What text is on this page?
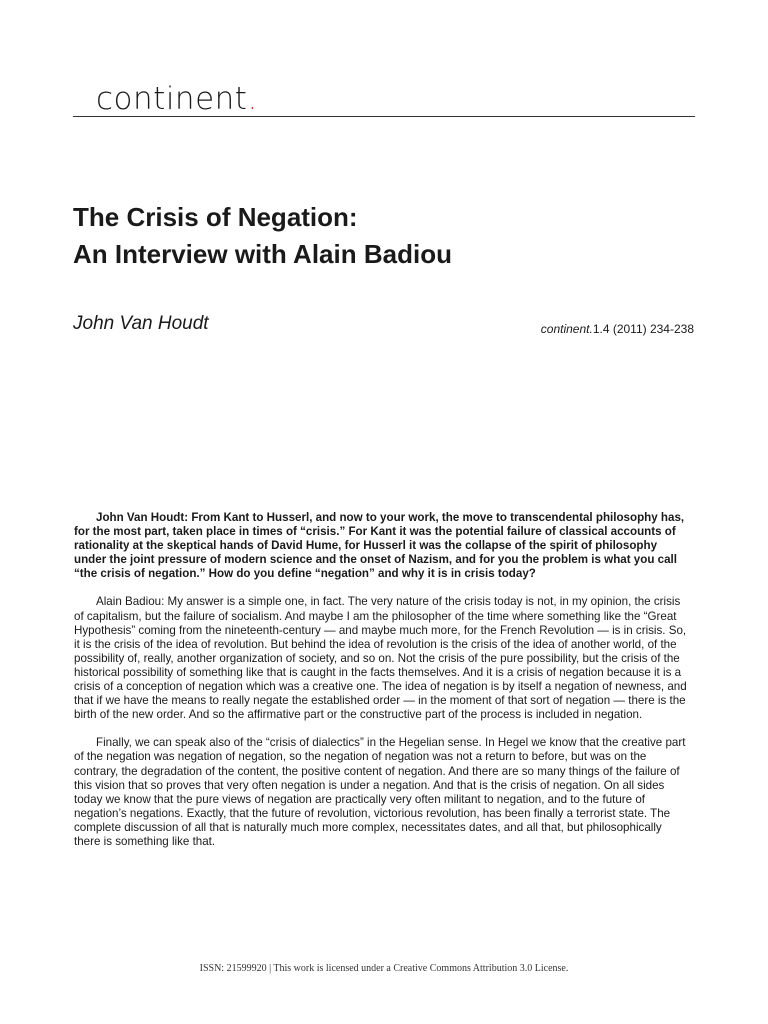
continent.
The Crisis of Negation:
An Interview with Alain Badiou
John Van Houdt	continent.1.4 (2011) 234-238

John Van Houdt: From Kant to Husserl, and now to your work, the move to transcendental philosophy has, for the most part, taken place in times of “crisis.” For Kant it was the potential failure of classical accounts of rationality at the skeptical hands of David Hume, for Husserl it was the collapse of the spirit of philosophy under the joint pressure of modern science and the onset of Nazism, and for you the problem is what you call “the crisis of negation.” How do you define “negation” and why it is in crisis today?

Alain Badiou: My answer is a simple one, in fact. The very nature of the crisis today is not, in my opinion, the crisis of capitalism, but the failure of socialism. And maybe I am the philosopher of the time where something like the “Great Hypothesis” coming from the nineteenth-century — and maybe much more, for the French Revolution — is in crisis. So, it is the crisis of the idea of revolution. But behind the idea of revolution is the crisis of the idea of another world, of the possibility of, really, another organization of society, and so on. Not the crisis of the pure possibility, but the crisis of the historical possibility of something like that is caught in the facts themselves. And it is a crisis of negation because it is a crisis of a conception of negation which was a creative one. The idea of negation is by itself a negation of newness, and that if we have the means to really negate the established order — in the moment of that sort of negation — there is the birth of the new order. And so the affirmative part or the constructive part of the process is included in negation.

Finally, we can speak also of the “crisis of dialectics” in the Hegelian sense. In Hegel we know that the creative part of the negation was negation of negation, so the negation of negation was not a return to before, but was on the contrary, the degradation of the content, the positive content of negation. And there are so many things of the failure of this vision that so proves that very often negation is under a negation. And that is the crisis of negation. On all sides today we know that the pure views of negation are practically very often militant to negation, and to the future of negation’s negations. Exactly, that the future of revolution, victorious revolution, has been finally a terrorist state. The complete discussion of all that is naturally much more complex, necessitates dates, and all that, but philosophically there is something like that.

ISSN: 21599920 | This work is licensed under a Creative Commons Attribution 3.0 License.
